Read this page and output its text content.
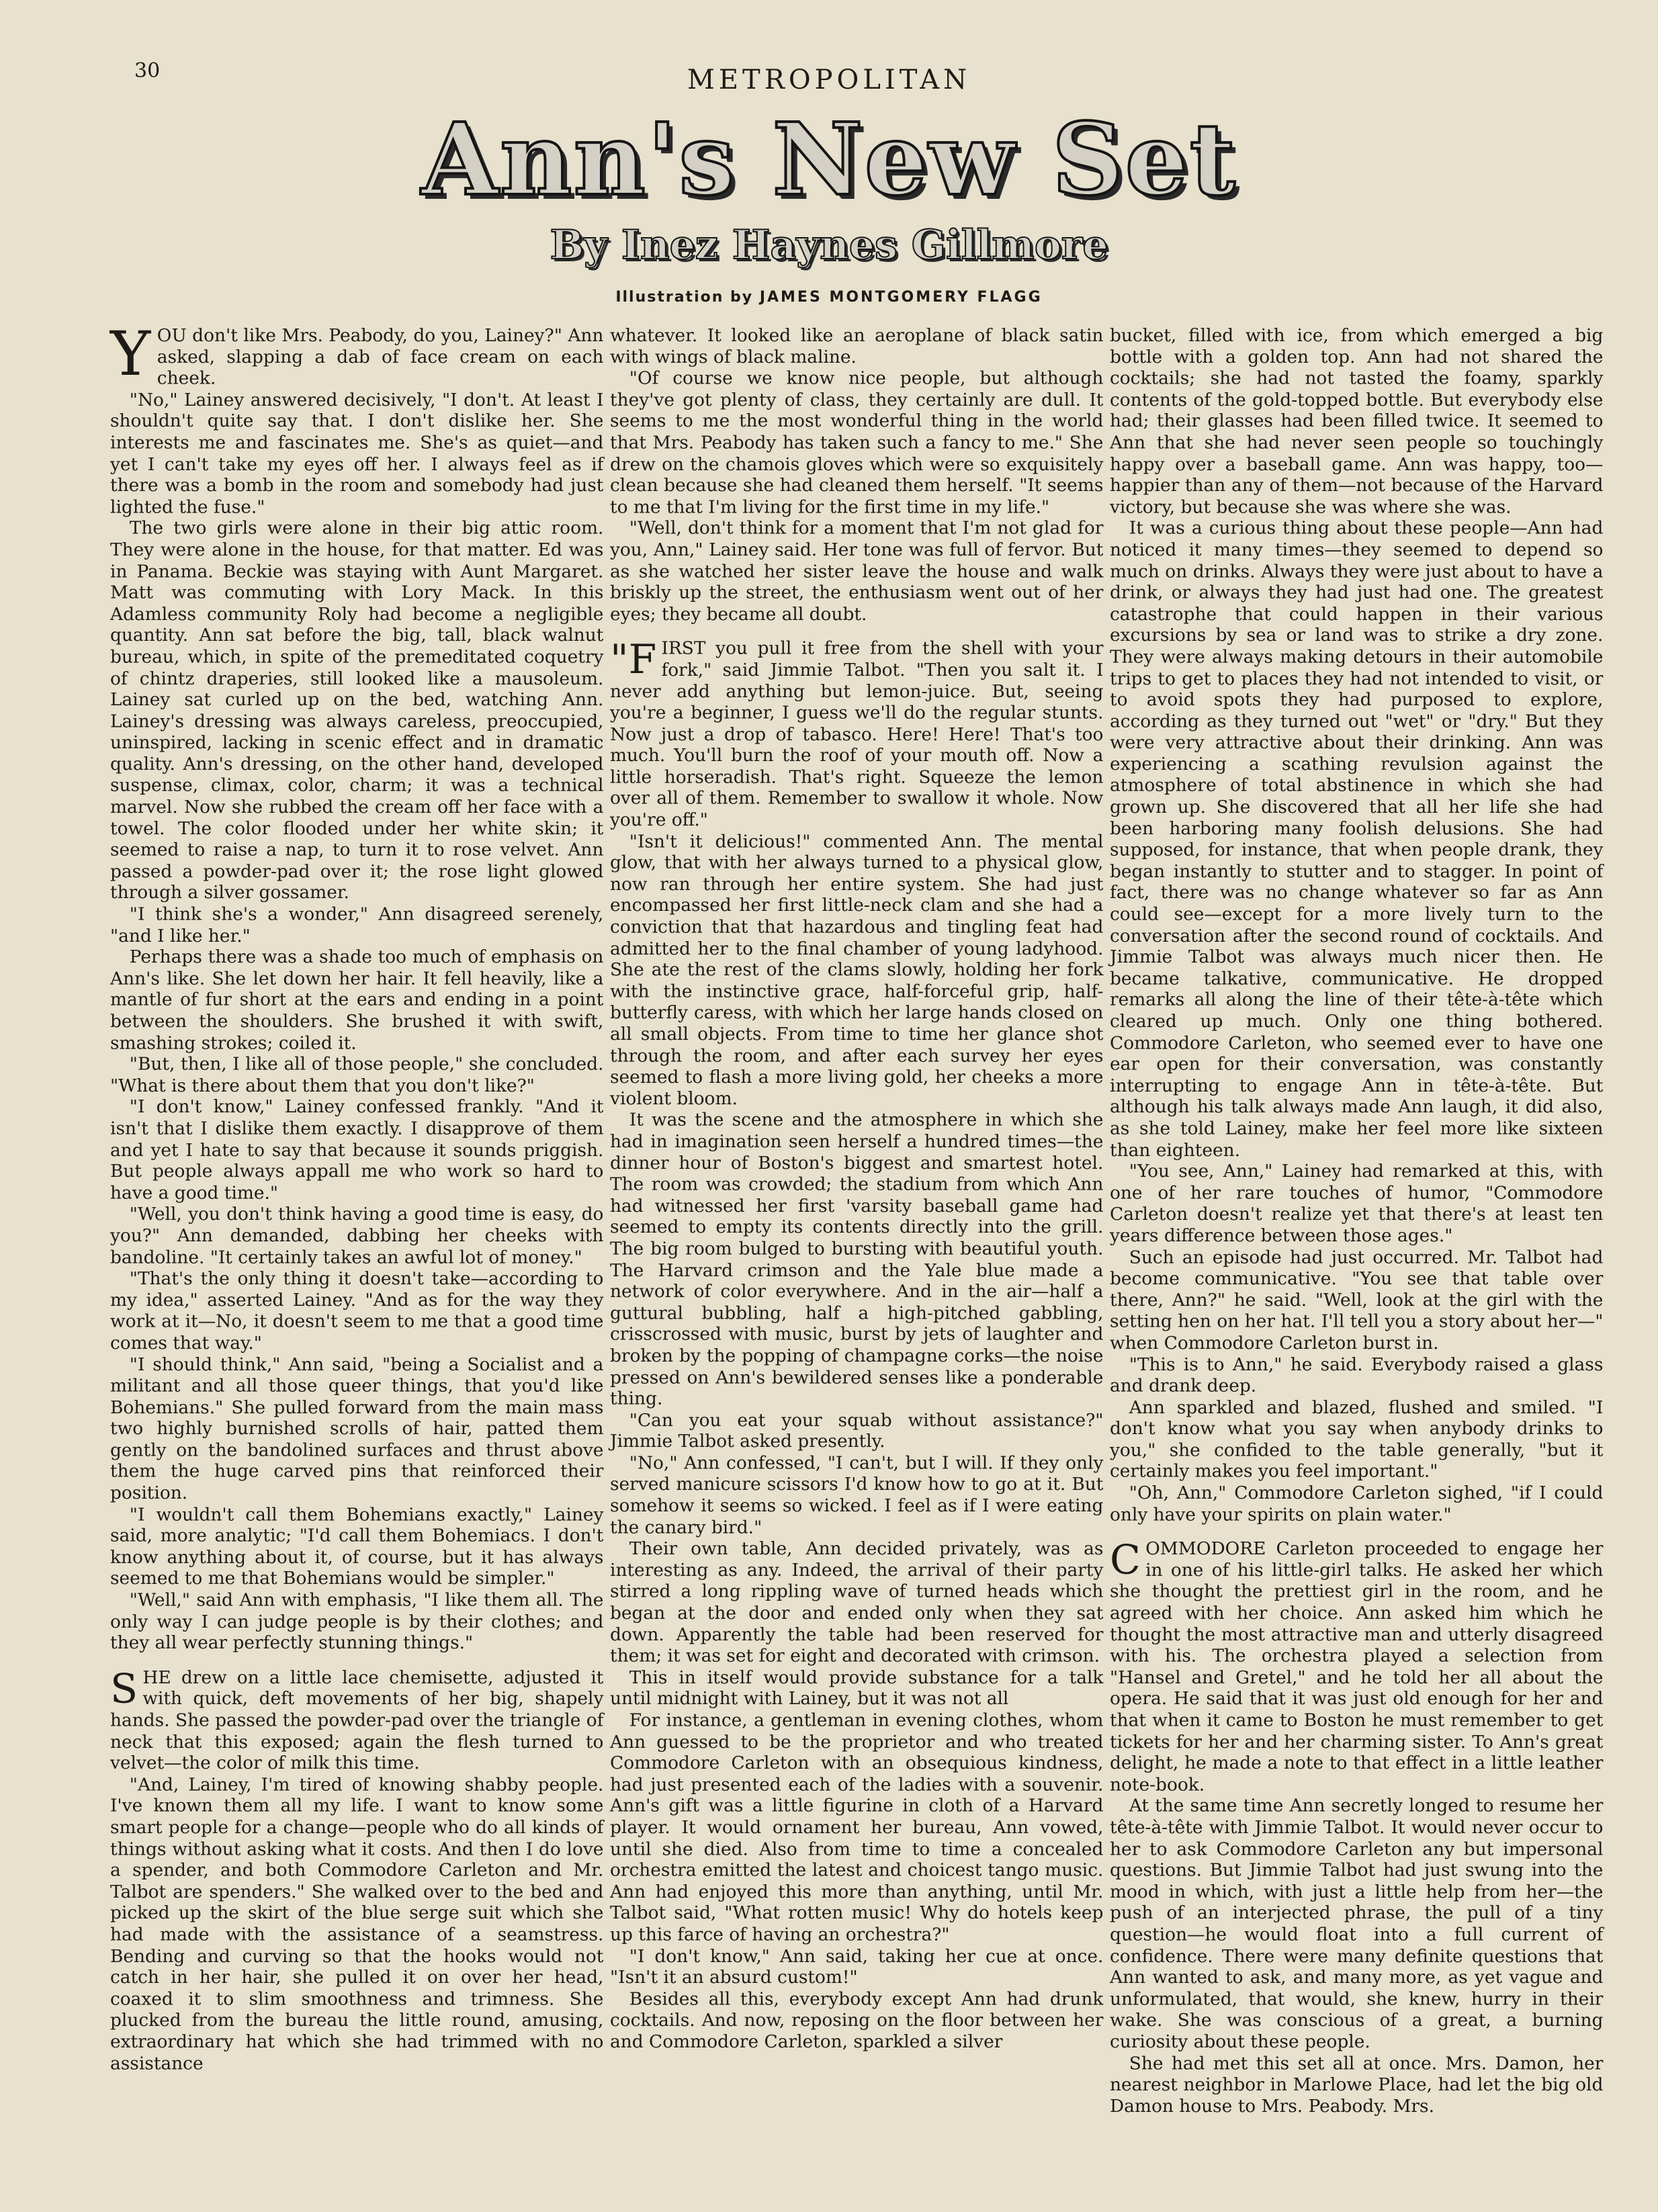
30	METROPOLITAN
Ann's New Set
By Inez Haynes Gillmore
Illustration by JAMES MONTGOMERY FLAGG

YOU don't like Mrs. Peabody, do you, Lainey?" Ann asked, slapping a dab of face cream on each cheek.

"No," Lainey answered decisively, "I don't. At least I shouldn't quite say that. I don't dislike her. She interests me and fascinates me. She's as quiet—and yet I can't take my eyes off her. I always feel as if there was a bomb in the room and somebody had just lighted the fuse."

The two girls were alone in their big attic room. They were alone in the house, for that matter. Ed was in Panama. Beckie was staying with Aunt Margaret. Matt was commuting with Lory Mack. In this Adamless community Roly had become a negligible quantity. Ann sat before the big, tall, black walnut bureau, which, in spite of the premeditated coquetry of chintz draperies, still looked like a mausoleum. Lainey sat curled up on the bed, watching Ann. Lainey's dressing was always careless, preoccupied, uninspired, lacking in scenic effect and in dramatic quality. Ann's dressing, on the other hand, developed suspense, climax, color, charm; it was a technical marvel. Now she rubbed the cream off her face with a towel. The color flooded under her white skin; it seemed to raise a nap, to turn it to rose velvet. Ann passed a powder-pad over it; the rose light glowed through a silver gossamer.

"I think she's a wonder," Ann disagreed serenely, "and I like her."

Perhaps there was a shade too much of emphasis on Ann's like. She let down her hair. It fell heavily, like a mantle of fur short at the ears and ending in a point between the shoulders. She brushed it with swift, smashing strokes; coiled it.

"But, then, I like all of those people," she concluded. "What is there about them that you don't like?"

"I don't know," Lainey confessed frankly. "And it isn't that I dislike them exactly. I disapprove of them and yet I hate to say that because it sounds priggish. But people always appall me who work so hard to have a good time."

"Well, you don't think having a good time is easy, do you?" Ann demanded, dabbing her cheeks with bandoline. "It certainly takes an awful lot of money."

"That's the only thing it doesn't take—according to my idea," asserted Lainey. "And as for the way they work at it—No, it doesn't seem to me that a good time comes that way."

"I should think," Ann said, "being a Socialist and a militant and all those queer things, that you'd like Bohemians." She pulled forward from the main mass two highly burnished scrolls of hair, patted them gently on the bandolined surfaces and thrust above them the huge carved pins that reinforced their position.

"I wouldn't call them Bohemians exactly," Lainey said, more analytic; "I'd call them Bohemiacs. I don't know anything about it, of course, but it has always seemed to me that Bohemians would be simpler."

"Well," said Ann with emphasis, "I like them all. The only way I can judge people is by their clothes; and they all wear perfectly stunning things."

SHE drew on a little lace chemisette, adjusted it with quick, deft movements of her big, shapely hands. She passed the powder-pad over the triangle of neck that this exposed; again the flesh turned to velvet—the color of milk this time.

"And, Lainey, I'm tired of knowing shabby people. I've known them all my life. I want to know some smart people for a change—people who do all kinds of things without asking what it costs. And then I do love a spender, and both Commodore Carleton and Mr. Talbot are spenders." She walked over to the bed and picked up the skirt of the blue serge suit which she had made with the assistance of a seamstress. Bending and curving so that the hooks would not catch in her hair, she pulled it on over her head, coaxed it to slim smoothness and trimness. She plucked from the bureau the little round, amusing, extraordinary hat which she had trimmed with no assistance

whatever. It looked like an aeroplane of black satin with wings of black maline.

"Of course we know nice people, but although they've got plenty of class, they certainly are dull. It seems to me the most wonderful thing in the world that Mrs. Peabody has taken such a fancy to me." She drew on the chamois gloves which were so exquisitely clean because she had cleaned them herself. "It seems to me that I'm living for the first time in my life."

"Well, don't think for a moment that I'm not glad for you, Ann," Lainey said. Her tone was full of fervor. But as she watched her sister leave the house and walk briskly up the street, the enthusiasm went out of her eyes; they became all doubt.

"FIRST you pull it free from the shell with your fork," said Jimmie Talbot. "Then you salt it. I never add anything but lemon-juice. But, seeing you're a beginner, I guess we'll do the regular stunts. Now just a drop of tabasco. Here! Here! That's too much. You'll burn the roof of your mouth off. Now a little horseradish. That's right. Squeeze the lemon over all of them. Remember to swallow it whole. Now you're off."

"Isn't it delicious!" commented Ann. The mental glow, that with her always turned to a physical glow, now ran through her entire system. She had just encompassed her first little-neck clam and she had a conviction that that hazardous and tingling feat had admitted her to the final chamber of young ladyhood. She ate the rest of the clams slowly, holding her fork with the instinctive grace, half-forceful grip, half-butterfly caress, with which her large hands closed on all small objects. From time to time her glance shot through the room, and after each survey her eyes seemed to flash a more living gold, her cheeks a more violent bloom.

It was the scene and the atmosphere in which she had in imagination seen herself a hundred times—the dinner hour of Boston's biggest and smartest hotel. The room was crowded; the stadium from which Ann had witnessed her first 'varsity baseball game had seemed to empty its contents directly into the grill. The big room bulged to bursting with beautiful youth. The Harvard crimson and the Yale blue made a network of color everywhere. And in the air—half a guttural bubbling, half a high-pitched gabbling, crisscrossed with music, burst by jets of laughter and broken by the popping of champagne corks—the noise pressed on Ann's bewildered senses like a ponderable thing.

"Can you eat your squab without assistance?" Jimmie Talbot asked presently.

"No," Ann confessed, "I can't, but I will. If they only served manicure scissors I'd know how to go at it. But somehow it seems so wicked. I feel as if I were eating the canary bird."

Their own table, Ann decided privately, was as interesting as any. Indeed, the arrival of their party stirred a long rippling wave of turned heads which began at the door and ended only when they sat down. Apparently the table had been reserved for them; it was set for eight and decorated with crimson.

This in itself would provide substance for a talk until midnight with Lainey, but it was not all

For instance, a gentleman in evening clothes, whom Ann guessed to be the proprietor and who treated Commodore Carleton with an obsequious kindness, had just presented each of the ladies with a souvenir. Ann's gift was a little figurine in cloth of a Harvard player. It would ornament her bureau, Ann vowed, until she died. Also from time to time a concealed orchestra emitted the latest and choicest tango music. Ann had enjoyed this more than anything, until Mr. Talbot said, "What rotten music! Why do hotels keep up this farce of having an orchestra?"

"I don't know," Ann said, taking her cue at once. "Isn't it an absurd custom!"

Besides all this, everybody except Ann had drunk cocktails. And now, reposing on the floor between her and Commodore Carleton, sparkled a silver

bucket, filled with ice, from which emerged a big bottle with a golden top. Ann had not shared the cocktails; she had not tasted the foamy, sparkly contents of the gold-topped bottle. But everybody else had; their glasses had been filled twice. It seemed to Ann that she had never seen people so touchingly happy over a baseball game. Ann was happy, too—happier than any of them—not because of the Harvard victory, but because she was where she was.

It was a curious thing about these people—Ann had noticed it many times—they seemed to depend so much on drinks. Always they were just about to have a drink, or always they had just had one. The greatest catastrophe that could happen in their various excursions by sea or land was to strike a dry zone. They were always making detours in their automobile trips to get to places they had not intended to visit, or to avoid spots they had purposed to explore, according as they turned out "wet" or "dry." But they were very attractive about their drinking. Ann was experiencing a scathing revulsion against the atmosphere of total abstinence in which she had grown up. She discovered that all her life she had been harboring many foolish delusions. She had supposed, for instance, that when people drank, they began instantly to stutter and to stagger. In point of fact, there was no change whatever so far as Ann could see—except for a more lively turn to the conversation after the second round of cocktails. And Jimmie Talbot was always much nicer then. He became talkative, communicative. He dropped remarks all along the line of their tête-à-tête which cleared up much. Only one thing bothered. Commodore Carleton, who seemed ever to have one ear open for their conversation, was constantly interrupting to engage Ann in tête-à-tête. But although his talk always made Ann laugh, it did also, as she told Lainey, make her feel more like sixteen than eighteen.

"You see, Ann," Lainey had remarked at this, with one of her rare touches of humor, "Commodore Carleton doesn't realize yet that there's at least ten years difference between those ages."

Such an episode had just occurred. Mr. Talbot had become communicative. "You see that table over there, Ann?" he said. "Well, look at the girl with the setting hen on her hat. I'll tell you a story about her—" when Commodore Carleton burst in.

"This is to Ann," he said. Everybody raised a glass and drank deep.

Ann sparkled and blazed, flushed and smiled. "I don't know what you say when anybody drinks to you," she confided to the table generally, "but it certainly makes you feel important."

"Oh, Ann," Commodore Carleton sighed, "if I could only have your spirits on plain water."

COMMODORE Carleton proceeded to engage her in one of his little-girl talks. He asked her which she thought the prettiest girl in the room, and he agreed with her choice. Ann asked him which he thought the most attractive man and utterly disagreed with his. The orchestra played a selection from "Hansel and Gretel," and he told her all about the opera. He said that it was just old enough for her and that when it came to Boston he must remember to get tickets for her and her charming sister. To Ann's great delight, he made a note to that effect in a little leather note-book.

At the same time Ann secretly longed to resume her tête-à-tête with Jimmie Talbot. It would never occur to her to ask Commodore Carleton any but impersonal questions. But Jimmie Talbot had just swung into the mood in which, with just a little help from her—the push of an interjected phrase, the pull of a tiny question—he would float into a full current of confidence. There were many definite questions that Ann wanted to ask, and many more, as yet vague and unformulated, that would, she knew, hurry in their wake. She was conscious of a great, a burning curiosity about these people.

She had met this set all at once. Mrs. Damon, her nearest neighbor in Marlowe Place, had let the big old Damon house to Mrs. Peabody. Mrs.
